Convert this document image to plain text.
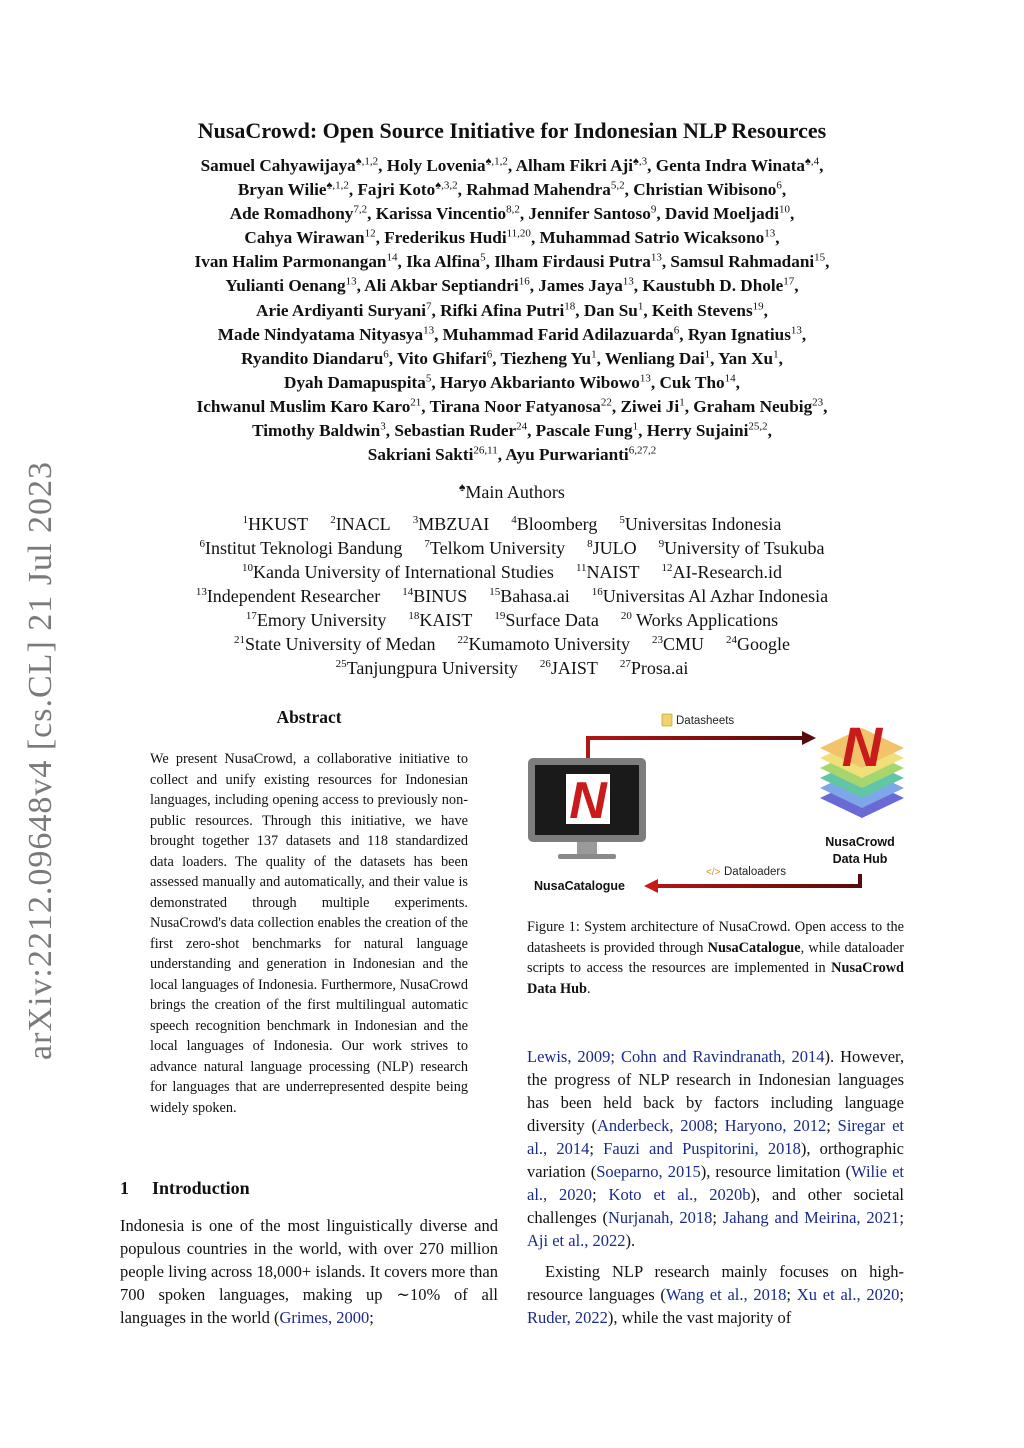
arXiv:2212.09648v4 [cs.CL] 21 Jul 2023
NusaCrowd: Open Source Initiative for Indonesian NLP Resources
Samuel Cahyawijaya$^{♠,1,2}$, Holy Lovenia$^{♠,1,2}$, Alham Fikri Aji$^{♠,3}$, Genta Indra Winata$^{♠,4}$,
Bryan Wilie$^{♠,1,2}$, Fajri Koto$^{♠,3,2}$, Rahmad Mahendra$^{5,2}$, Christian Wibisono$^6$,
Ade Romadhony$^{7,2}$, Karissa Vincentio$^{8,2}$, Jennifer Santoso$^9$, David Moeljadi$^{10}$,
Cahya Wirawan$^{12}$, Frederikus Hudi$^{11,20}$, Muhammad Satrio Wicaksono$^{13}$,
Ivan Halim Parmonangan$^{14}$, Ika Alfina$^5$, Ilham Firdausi Putra$^{13}$, Samsul Rahmadani$^{15}$,
Yulianti Oenang$^{13}$, Ali Akbar Septiandri$^{16}$, James Jaya$^{13}$, Kaustubh D. Dhole$^{17}$,
Arie Ardiyanti Suryani$^7$, Rifki Afina Putri$^{18}$, Dan Su$^1$, Keith Stevens$^{19}$,
Made Nindyatama Nityasya$^{13}$, Muhammad Farid Adilazuarda$^6$, Ryan Ignatius$^{13}$,
Ryandito Diandaru$^6$, Vito Ghifari$^6$, Tiezheng Yu$^1$, Wenliang Dai$^1$, Yan Xu$^1$,
Dyah Damapuspita$^5$, Haryo Akbarianto Wibowo$^{13}$, Cuk Tho$^{14}$,
Ichwanul Muslim Karo Karo$^{21}$, Tirana Noor Fatyanosa$^{22}$, Ziwei Ji$^1$, Graham Neubig$^{23}$,
Timothy Baldwin$^3$, Sebastian Ruder$^{24}$, Pascale Fung$^1$, Herry Sujaini$^{25,2}$,
Sakriani Sakti$^{26,11}$, Ayu Purwarianti$^{6,27,2}$
♠Main Authors
$^1$HKUST $^2$INACL $^3$MBZUAI $^4$Bloomberg $^5$Universitas Indonesia
$^6$Institut Teknologi Bandung $^7$Telkom University $^8$JULO $^9$University of Tsukuba
$^{10}$Kanda University of International Studies $^{11}$NAIST $^{12}$AI-Research.id
$^{13}$Independent Researcher $^{14}$BINUS $^{15}$Bahasa.ai $^{16}$Universitas Al Azhar Indonesia
$^{17}$Emory University $^{18}$KAIST $^{19}$Surface Data $^{20}$ Works Applications
$^{21}$State University of Medan $^{22}$Kumamoto University $^{23}$CMU $^{24}$Google
$^{25}$Tanjungpura University $^{26}$JAIST $^{27}$Prosa.ai
Abstract
We present NusaCrowd, a collaborative initiative to collect and unify existing resources for Indonesian languages, including opening access to previously non-public resources. Through this initiative, we have brought together 137 datasets and 118 standardized data loaders. The quality of the datasets has been assessed manually and automatically, and their value is demonstrated through multiple experiments. NusaCrowd's data collection enables the creation of the first zero-shot benchmarks for natural language understanding and generation in Indonesian and the local languages of Indonesia. Furthermore, NusaCrowd brings the creation of the first multilingual automatic speech recognition benchmark in Indonesian and the local languages of Indonesia. Our work strives to advance natural language processing (NLP) research for languages that are underrepresented despite being widely spoken.
1 Introduction
Indonesia is one of the most linguistically diverse and populous countries in the world, with over 270 million people living across 18,000+ islands. It covers more than 700 spoken languages, making up ∼10% of all languages in the world (Grimes, 2000;
Datasheets
N
NusaCatalogue
</> Dataloaders
N
NusaCrowd
Data Hub
Figure 1: System architecture of NusaCrowd. Open access to the datasheets is provided through NusaCatalogue, while dataloader scripts to access the resources are implemented in NusaCrowd Data Hub.

Lewis, 2009; Cohn and Ravindranath, 2014). However, the progress of NLP research in Indonesian languages has been held back by factors including language diversity (Anderbeck, 2008; Haryono, 2012; Siregar et al., 2014; Fauzi and Puspitorini, 2018), orthographic variation (Soeparno, 2015), resource limitation (Wilie et al., 2020; Koto et al., 2020b), and other societal challenges (Nurjanah, 2018; Jahang and Meirina, 2021; Aji et al., 2022).

Existing NLP research mainly focuses on high-resource languages (Wang et al., 2018; Xu et al., 2020; Ruder, 2022), while the vast majority of
